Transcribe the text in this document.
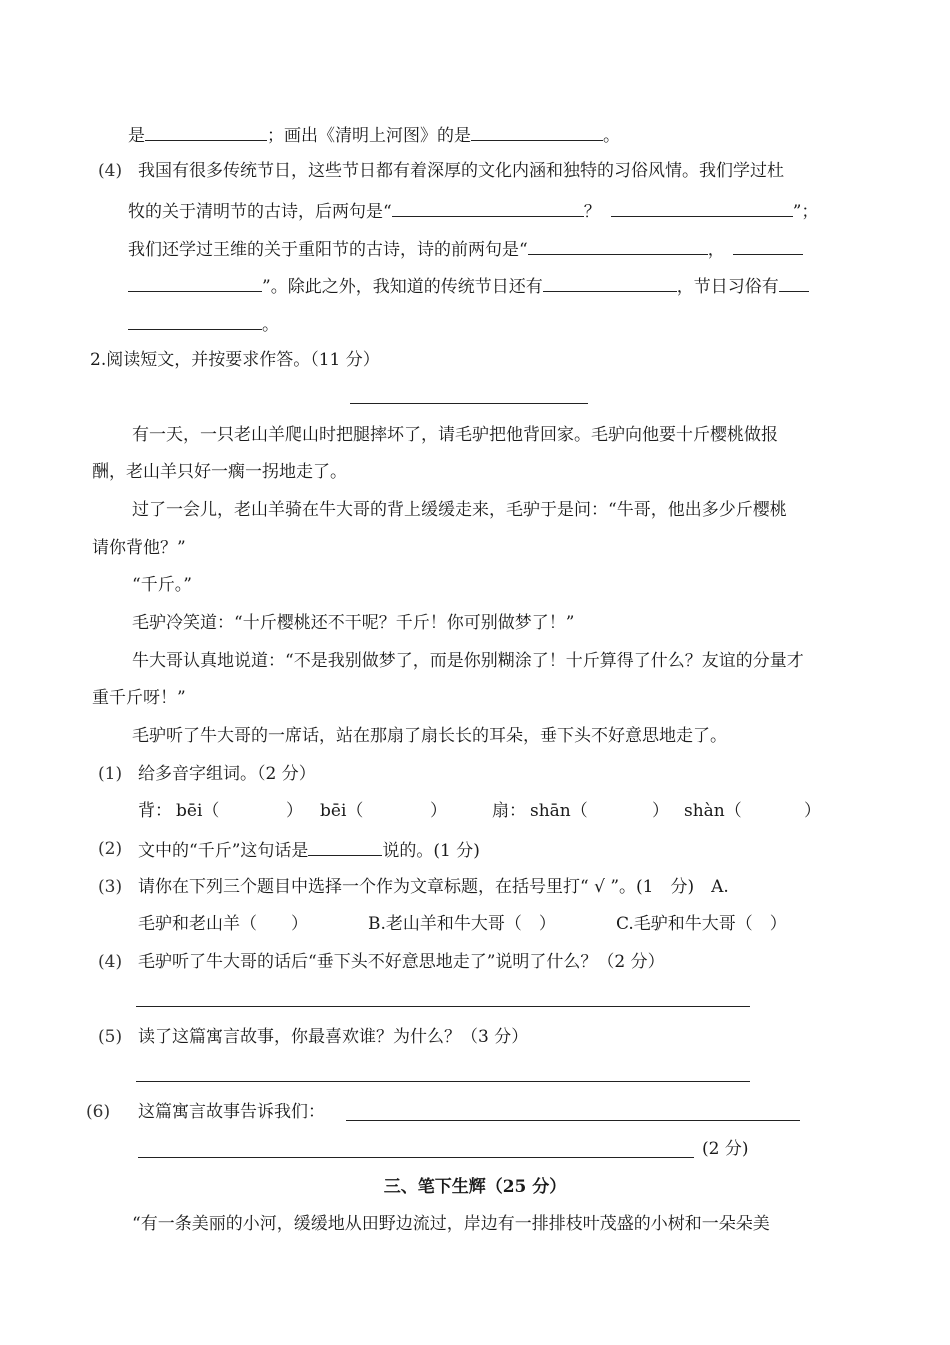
是	；画出《清明上河图》的是	。
(4) 我国有很多传统节日，这些节日都有着深厚的文化内涵和独特的习俗风情。我们学过杜
牧的关于清明节的古诗，后两句是“	？	”；
我们还学过王维的关于重阳节的古诗，诗的前两句是“	，
”。除此之外，我知道的传统节日还有	，节日习俗有
。
2.阅读短文，并按要求作答。（11 分）
有一天，一只老山羊爬山时把腿摔坏了，请毛驴把他背回家。毛驴向他要十斤樱桃做报
酬，老山羊只好一瘸一拐地走了。
过了一会儿，老山羊骑在牛大哥的背上缓缓走来，毛驴于是问：“牛哥，他出多少斤樱桃
请你背他？”
“千斤。”
毛驴冷笑道：“十斤樱桃还不干呢？千斤！你可别做梦了！”
牛大哥认真地说道：“不是我别做梦了，而是你别糊涂了！十斤算得了什么？友谊的分量才
重千斤呀！”
毛驴听了牛大哥的一席话，站在那扇了扇长长的耳朵，垂下头不好意思地走了。
(1) 给多音字组词。（2 分）
背： bēi（	） bēi（	）	扇： shān（	） shàn（	）
(2) 文中的“千斤”这句话是	说的。(1 分)
(3) 请你在下列三个题目中选择一个作为文章标题，在括号里打“ √ ”。(1　分)　A.
毛驴和老山羊（　　）	B.老山羊和牛大哥（　）	C.毛驴和牛大哥（　）
(4) 毛驴听了牛大哥的话后“垂下头不好意思地走了”说明了什么？（2 分）
(5) 读了这篇寓言故事，你最喜欢谁？为什么？（3 分）
(6) 这篇寓言故事告诉我们：
(2 分)
三、笔下生辉（25 分）
“有一条美丽的小河，缓缓地从田野边流过，岸边有一排排枝叶茂盛的小树和一朵朵美
